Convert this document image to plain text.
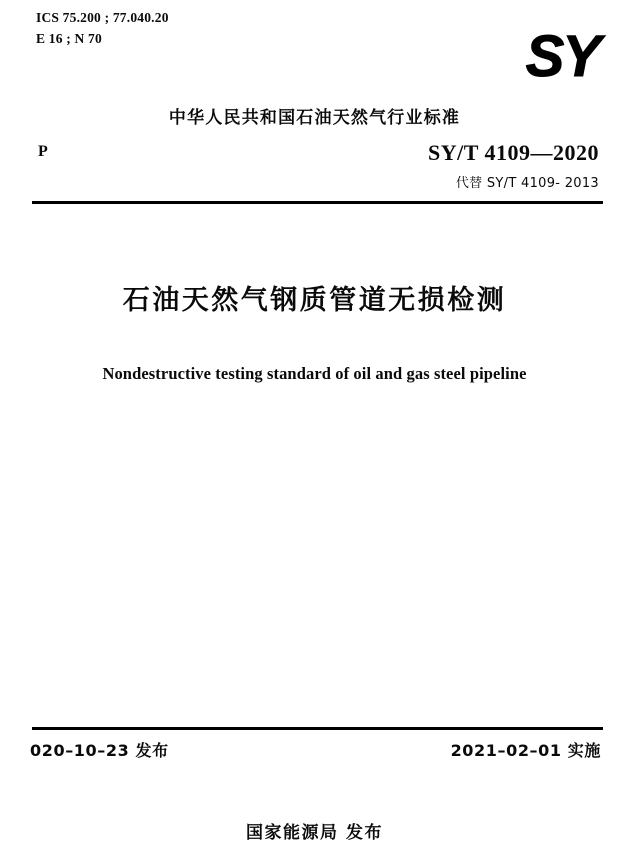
ICS 75.200 ; 77.040.20
E 16 ; N 70	SY
中华人民共和国石油天然气行业标准
P	SY/T 4109—2020
代替 SY/T 4109- 2013
石油天然气钢质管道无损检测
Nondestructive testing standard of oil and gas steel pipeline
020–10–23 发布	2021–02–01 实施
国家能源局 发布
